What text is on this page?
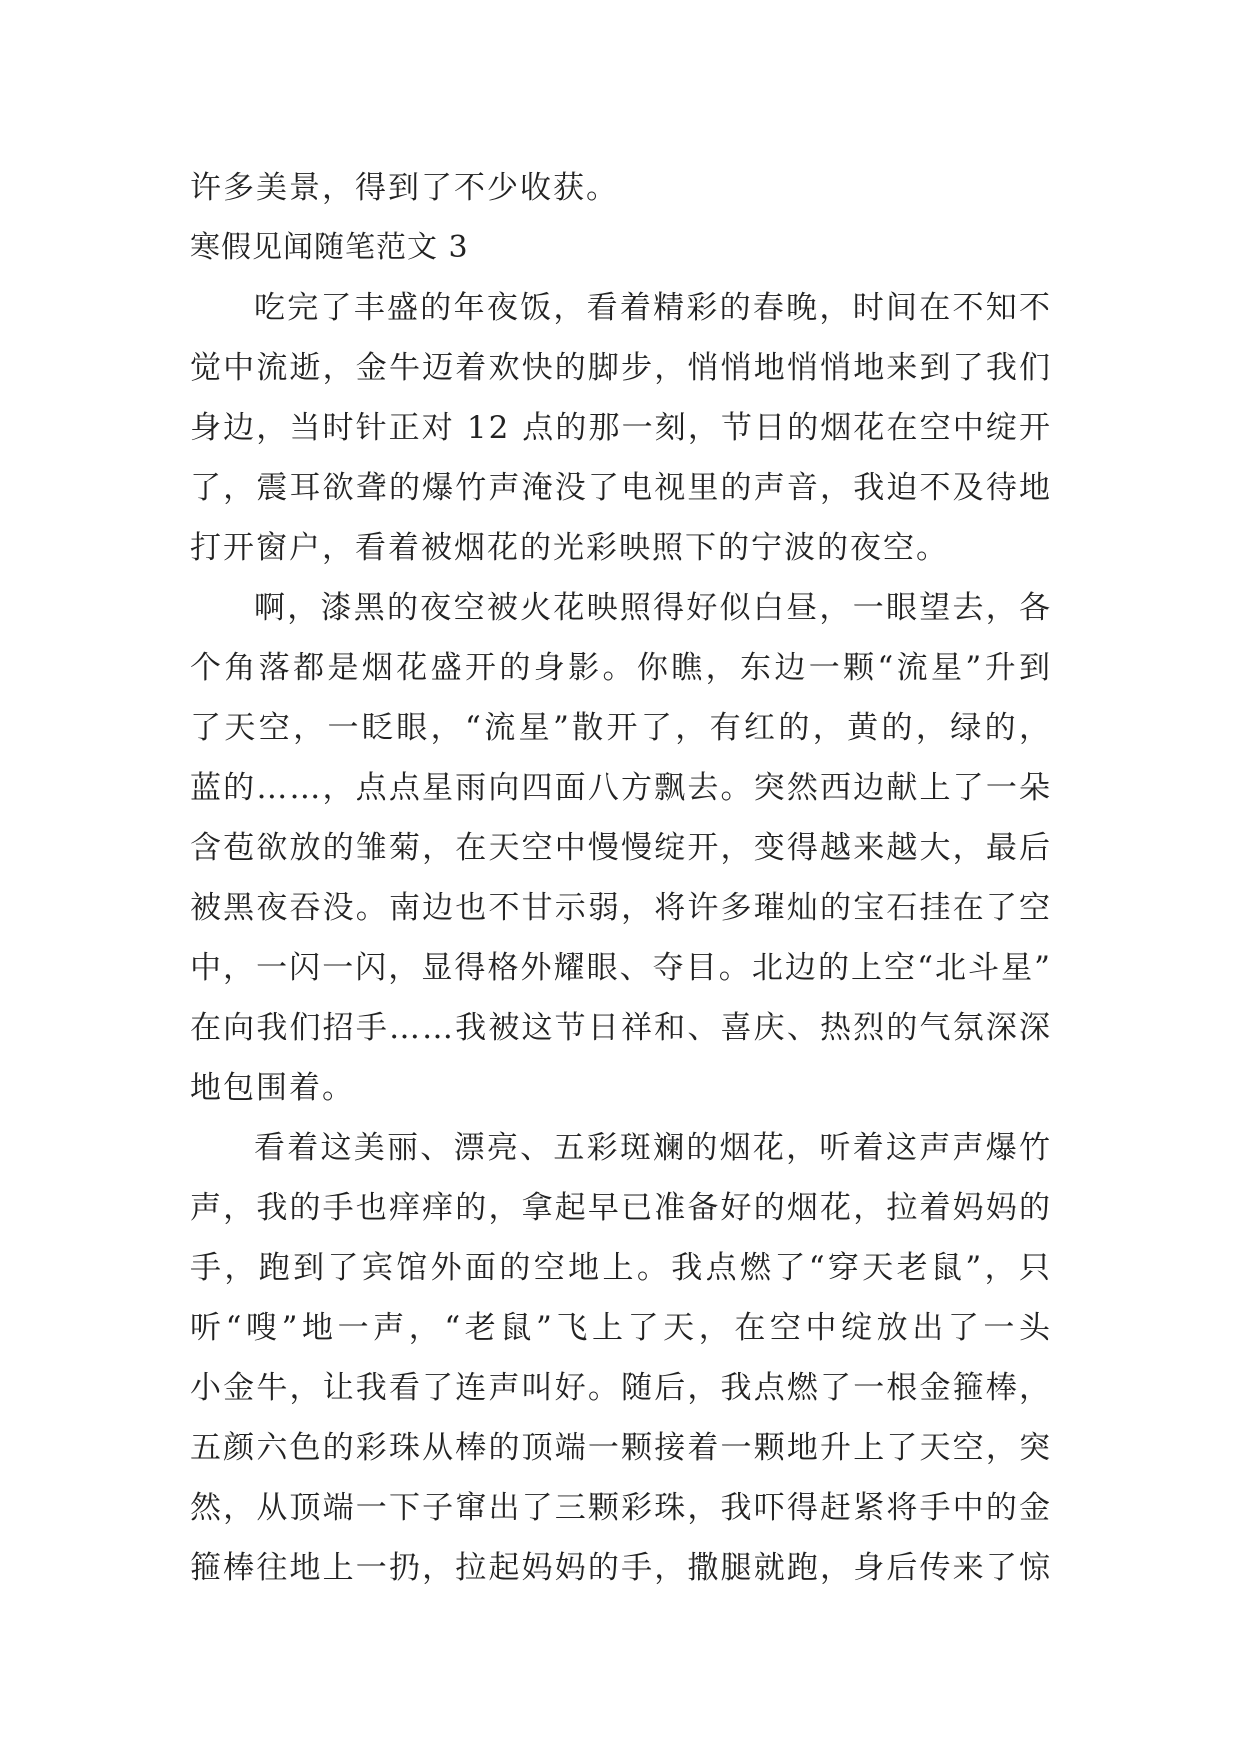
许多美景，得到了不少收获。
寒假见闻随笔范文 3
吃完了丰盛的年夜饭，看着精彩的春晚，时间在不知不
觉中流逝，金牛迈着欢快的脚步，悄悄地悄悄地来到了我们
身边，当时针正对 12 点的那一刻，节日的烟花在空中绽开
了，震耳欲聋的爆竹声淹没了电视里的声音，我迫不及待地
打开窗户，看着被烟花的光彩映照下的宁波的夜空。
啊，漆黑的夜空被火花映照得好似白昼，一眼望去，各
个角落都是烟花盛开的身影。你瞧，东边一颗“流星”升到
了天空，一眨眼，“流星”散开了，有红的，黄的，绿的，
蓝的……，点点星雨向四面八方飘去。突然西边献上了一朵
含苞欲放的雏菊，在天空中慢慢绽开，变得越来越大，最后
被黑夜吞没。南边也不甘示弱，将许多璀灿的宝石挂在了空
中，一闪一闪，显得格外耀眼、夺目。北边的上空“北斗星”
在向我们招手……我被这节日祥和、喜庆、热烈的气氛深深
地包围着。
看着这美丽、漂亮、五彩斑斓的烟花，听着这声声爆竹
声，我的手也痒痒的，拿起早已准备好的烟花，拉着妈妈的
手，跑到了宾馆外面的空地上。我点燃了“穿天老鼠”，只
听“嗖”地一声，“老鼠”飞上了天，在空中绽放出了一头
小金牛，让我看了连声叫好。随后，我点燃了一根金箍棒，
五颜六色的彩珠从棒的顶端一颗接着一颗地升上了天空，突
然，从顶端一下子窜出了三颗彩珠，我吓得赶紧将手中的金
箍棒往地上一扔，拉起妈妈的手，撒腿就跑，身后传来了惊
